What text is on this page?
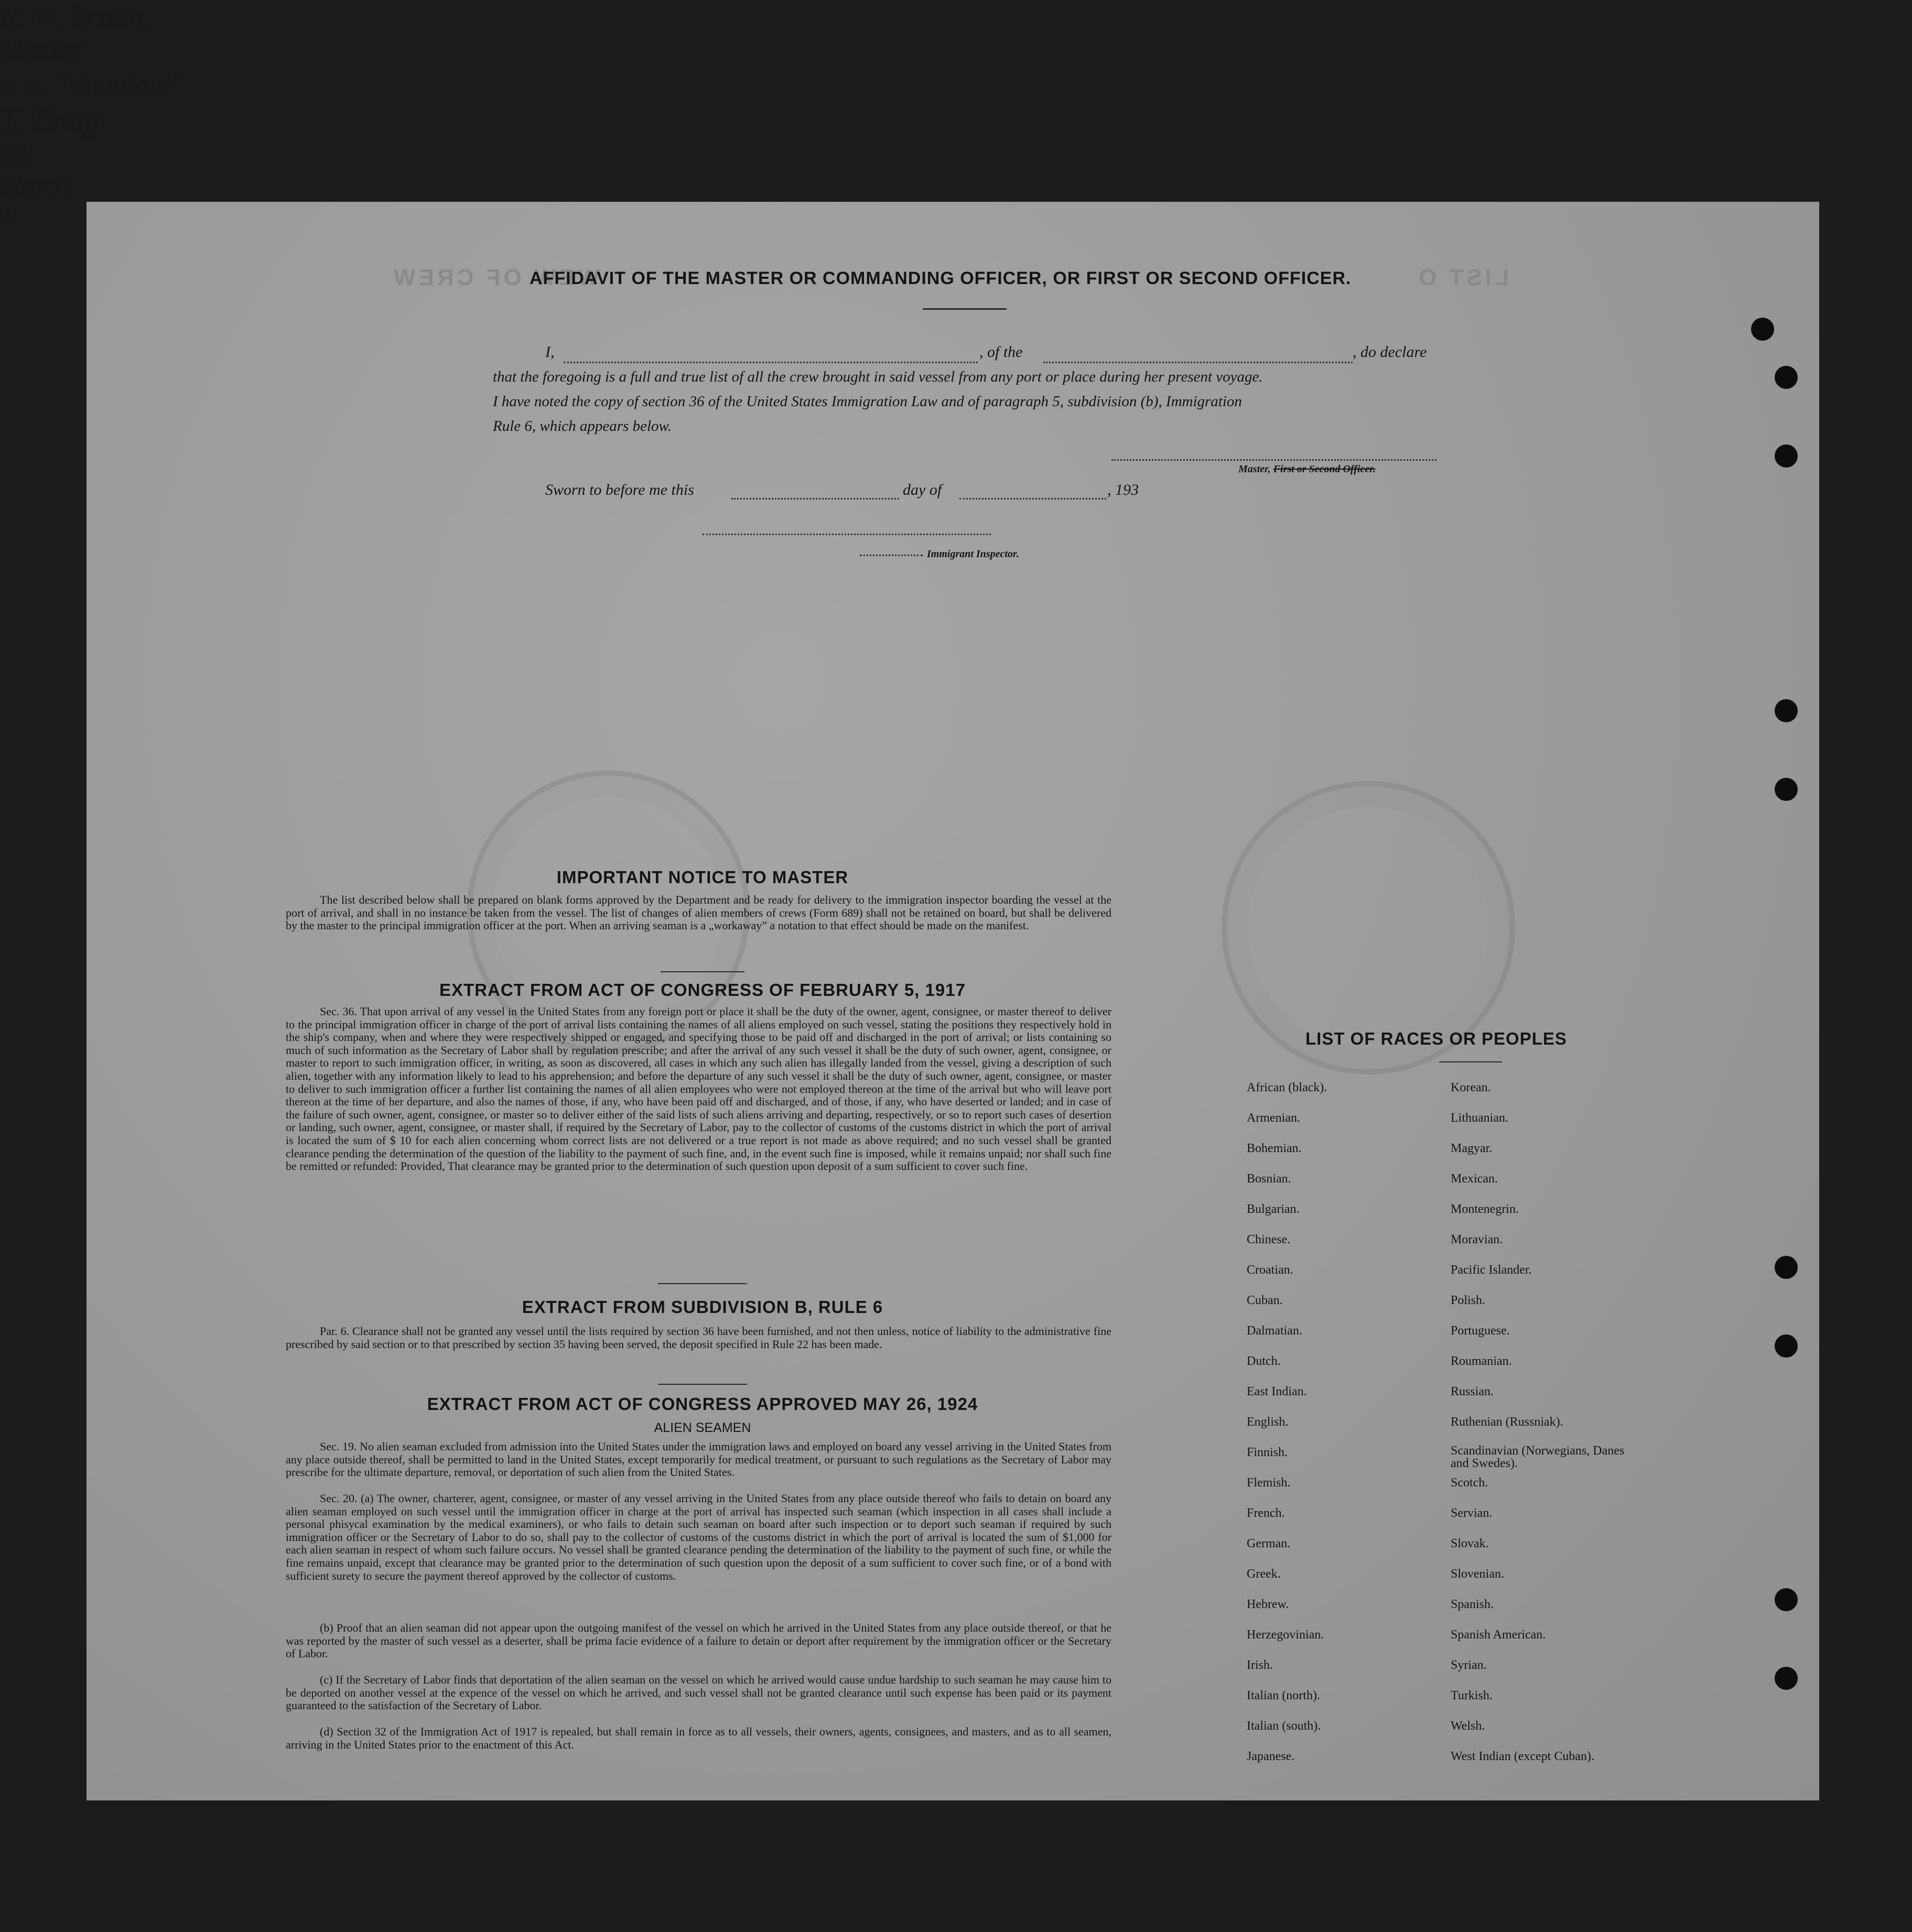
WEW OF CREW	LIST O
AFFIDAVIT OF THE MASTER OR COMMANDING OFFICER, OR FIRST OR SECOND OFFICER.
I,
R. W. Braun,
Master
, of the
s. s. "Veendam"
, do declare
that the foregoing is a full and true list of all the crew brought in said vessel from any port or place during her present voyage.
I have noted the copy of section 36 of the United States Immigration Law and of paragraph 5, subdivision (b), Immigration
Rule 6, which appears below.
T. Brug
Master, First or Second Officer.
Sworn to before me this
9th
day of
March
, 193
1.
Immigrant Inspector.
IMPORTANT NOTICE TO MASTER
The list described below shall be prepared on blank forms approved by the Department and be ready for delivery to the immigration inspector boarding the vessel at the port of arrival, and shall in no instance be taken from the vessel. The list of changes of alien members of crews (Form 689) shall not be retained on board, but shall be delivered by the master to the principal immigration officer at the port. When an arriving seaman is a „workaway” a notation to that effect should be made on the manifest.
EXTRACT FROM ACT OF CONGRESS OF FEBRUARY 5, 1917
Sec. 36. That upon arrival of any vessel in the United States from any foreign port or place it shall be the duty of the owner, agent, consignee, or master thereof to deliver to the principal immigration officer in charge of the port of arrival lists containing the names of all aliens employed on such vessel, stating the positions they respectively hold in the ship's company, when and where they were respectively shipped or engaged, and specifying those to be paid off and discharged in the port of arrival; or lists containing so much of such information as the Secretary of Labor shall by regulation prescribe; and after the arrival of any such vessel it shall be the duty of such owner, agent, consignee, or master to report to such immigration officer, in writing, as soon as discovered, all cases in which any such alien has illegally landed from the vessel, giving a description of such alien, together with any information likely to lead to his apprehension; and before the departure of any such vessel it shall be the duty of such owner, agent, consignee, or master to deliver to such immigration officer a further list containing the names of all alien employees who were not employed thereon at the time of the arrival but who will leave port thereon at the time of her departure, and also the names of those, if any, who have been paid off and discharged, and of those, if any, who have deserted or landed; and in case of the failure of such owner, agent, consignee, or master so to deliver either of the said lists of such aliens arriving and departing, respectively, or so to report such cases of desertion or landing, such owner, agent, consignee, or master shall, if required by the Secretary of Labor, pay to the collector of customs of the customs district in which the port of arrival is located the sum of $ 10 for each alien concerning whom correct lists are not delivered or a true report is not made as above required; and no such vessel shall be granted clearance pending the determination of the question of the liability to the payment of such fine, and, in the event such fine is imposed, while it remains unpaid; nor shall such fine be remitted or refunded: Provided, That clearance may be granted prior to the determination of such question upon deposit of a sum sufficient to cover such fine.
EXTRACT FROM SUBDIVISION B, RULE 6
Par. 6. Clearance shall not be granted any vessel until the lists required by section 36 have been furnished, and not then unless, notice of liability to the administrative fine prescribed by said section or to that prescribed by section 35 having been served, the deposit specified in Rule 22 has been made.
EXTRACT FROM ACT OF CONGRESS APPROVED MAY 26, 1924
ALIEN SEAMEN
Sec. 19. No alien seaman excluded from admission into the United States under the immigration laws and employed on board any vessel arriving in the United States from any place outside thereof, shall be permitted to land in the United States, except temporarily for medical treatment, or pursuant to such regulations as the Secretary of Labor may prescribe for the ultimate departure, removal, or deportation of such alien from the United States.
Sec. 20. (a) The owner, charterer, agent, consignee, or master of any vessel arriving in the United States from any place outside thereof who fails to detain on board any alien seaman employed on such vessel until the immigration officer in charge at the port of arrival has inspected such seaman (which inspection in all cases shall include a personal phisycal examination by the medical examiners), or who fails to detain such seaman on board after such inspection or to deport such seaman if required by such immigration officer or the Secretary of Labor to do so, shall pay to the collector of customs of the customs district in which the port of arrival is located the sum of $1,000 for each alien seaman in respect of whom such failure occurs. No vessel shall be granted clearance pending the determination of the liability to the payment of such fine, or while the fine remains unpaid, except that clearance may be granted prior to the determination of such question upon the deposit of a sum sufficient to cover such fine, or of a bond with sufficient surety to secure the payment thereof approved by the collector of customs.
(b) Proof that an alien seaman did not appear upon the outgoing manifest of the vessel on which he arrived in the United States from any place outside thereof, or that he was reported by the master of such vessel as a deserter, shall be prima facie evidence of a failure to detain or deport after requirement by the immigration officer or the Secretary of Labor.
(c) If the Secretary of Labor finds that deportation of the alien seaman on the vessel on which he arrived would cause undue hardship to such seaman he may cause him to be deported on another vessel at the expence of the vessel on which he arrived, and such vessel shall not be granted clearance until such expense has been paid or its payment guaranteed to the satisfaction of the Secretary of Labor.
(d) Section 32 of the Immigration Act of 1917 is repealed, but shall remain in force as to all vessels, their owners, agents, consignees, and masters, and as to all seamen, arriving in the United States prior to the enactment of this Act.
LIST OF RACES OR PEOPLES
African (black).
Armenian.
Bohemian.
Bosnian.
Bulgarian.
Chinese.
Croatian.
Cuban.
Dalmatian.
Dutch.
East Indian.
English.
Finnish.
Flemish.
French.
German.
Greek.
Hebrew.
Herzegovinian.
Irish.
Italian (north).
Italian (south).
Japanese.
Korean.
Lithuanian.
Magyar.
Mexican.
Montenegrin.
Moravian.
Pacific Islander.
Polish.
Portuguese.
Roumanian.
Russian.
Ruthenian (Russniak).
Scandinavian (Norwegians, Danes and Swedes).
Scotch.
Servian.
Slovak.
Slovenian.
Spanish.
Spanish American.
Syrian.
Turkish.
Welsh.
West Indian (except Cuban).
